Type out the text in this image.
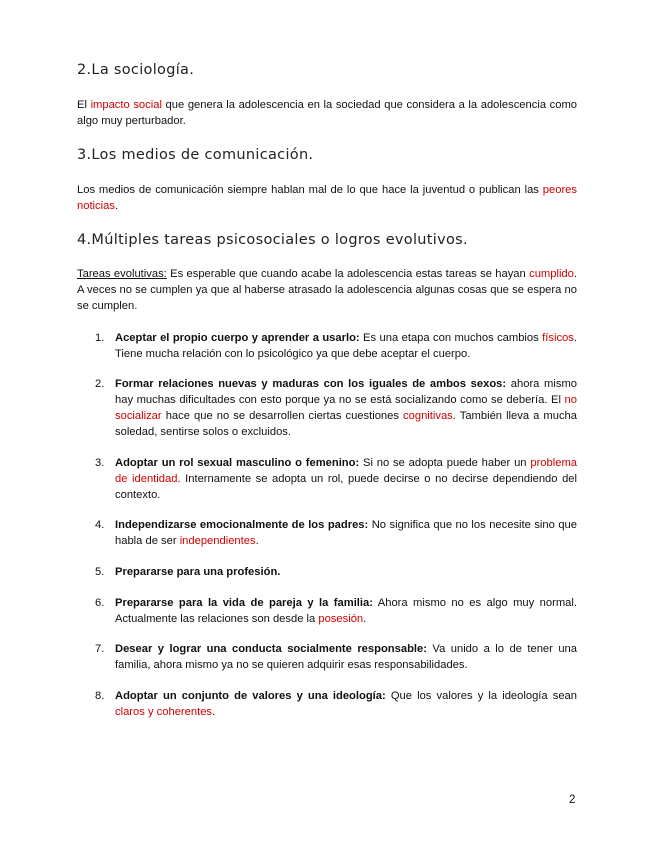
2.La sociología.

El impacto social que genera la adolescencia en la sociedad que considera a la adolescencia como algo muy perturbador.

3.Los medios de comunicación.

Los medios de comunicación siempre hablan mal de lo que hace la juventud o publican las peores noticias.

4.Múltiples tareas psicosociales o logros evolutivos.

Tareas evolutivas: Es esperable que cuando acabe la adolescencia estas tareas se hayan cumplido. A veces no se cumplen ya que al haberse atrasado la adolescencia algunas cosas que se espera no se cumplen.

1. Aceptar el propio cuerpo y aprender a usarlo: Es una etapa con muchos cambios físicos. Tiene mucha relación con lo psicológico ya que debe aceptar el cuerpo.
2. Formar relaciones nuevas y maduras con los iguales de ambos sexos: ahora mismo hay muchas dificultades con esto porque ya no se está socializando como se debería. El no socializar hace que no se desarrollen ciertas cuestiones cognitivas. También lleva a mucha soledad, sentirse solos o excluidos.
3. Adoptar un rol sexual masculino o femenino: Si no se adopta puede haber un problema de identidad. Internamente se adopta un rol, puede decirse o no decirse dependiendo del contexto.
4. Independizarse emocionalmente de los padres: No significa que no los necesite sino que habla de ser independientes.
5. Prepararse para una profesión.
6. Prepararse para la vida de pareja y la familia: Ahora mismo no es algo muy normal. Actualmente las relaciones son desde la posesión.
7. Desear y lograr una conducta socialmente responsable: Va unido a lo de tener una familia, ahora mismo ya no se quieren adquirir esas responsabilidades.
8. Adoptar un conjunto de valores y una ideología: Que los valores y la ideología sean claros y coherentes.
2
